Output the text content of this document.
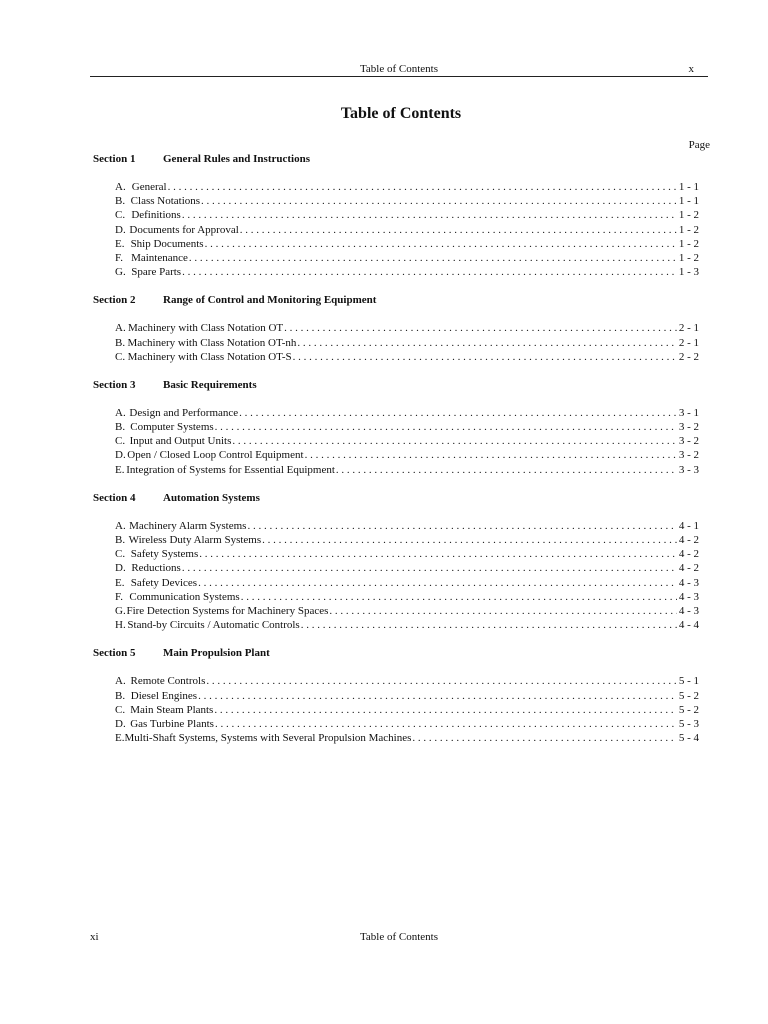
Table of Contents	x
Table of Contents
Page
Section 1	General Rules and Instructions
A. General . . .	1 - 1
B. Class Notations . . .	1 - 1
C. Definitions . . .	1 - 2
D. Documents for Approval . . .	1 - 2
E. Ship Documents . . .	1 - 2
F. Maintenance . . .	1 - 2
G. Spare Parts . . .	1 - 3
Section 2	Range of Control and Monitoring Equipment
A. Machinery with Class Notation OT . . .	2 - 1
B. Machinery with Class Notation OT-nh . . .	2 - 1
C. Machinery with Class Notation OT-S . . .	2 - 2
Section 3	Basic Requirements
A. Design and Performance . . .	3 - 1
B. Computer Systems . . .	3 - 2
C. Input and Output Units . . .	3 - 2
D. Open / Closed Loop Control Equipment . . .	3 - 2
E. Integration of Systems for Essential Equipment . . .	3 - 3
Section 4	Automation Systems
A. Machinery Alarm Systems . . .	4 - 1
B. Wireless Duty Alarm Systems . . .	4 - 2
C. Safety Systems . . .	4 - 2
D. Reductions . . .	4 - 2
E. Safety Devices . . .	4 - 3
F. Communication Systems . . .	4 - 3
G. Fire Detection Systems for Machinery Spaces . . .	4 - 3
H. Stand-by Circuits / Automatic Controls . . .	4 - 4
Section 5	Main Propulsion Plant
A. Remote Controls . . .	5 - 1
B. Diesel Engines . . .	5 - 2
C. Main Steam Plants . . .	5 - 2
D. Gas Turbine Plants . . .	5 - 3
E. Multi-Shaft Systems, Systems with Several Propulsion Machines . . .	5 - 4
xi	Table of Contents
